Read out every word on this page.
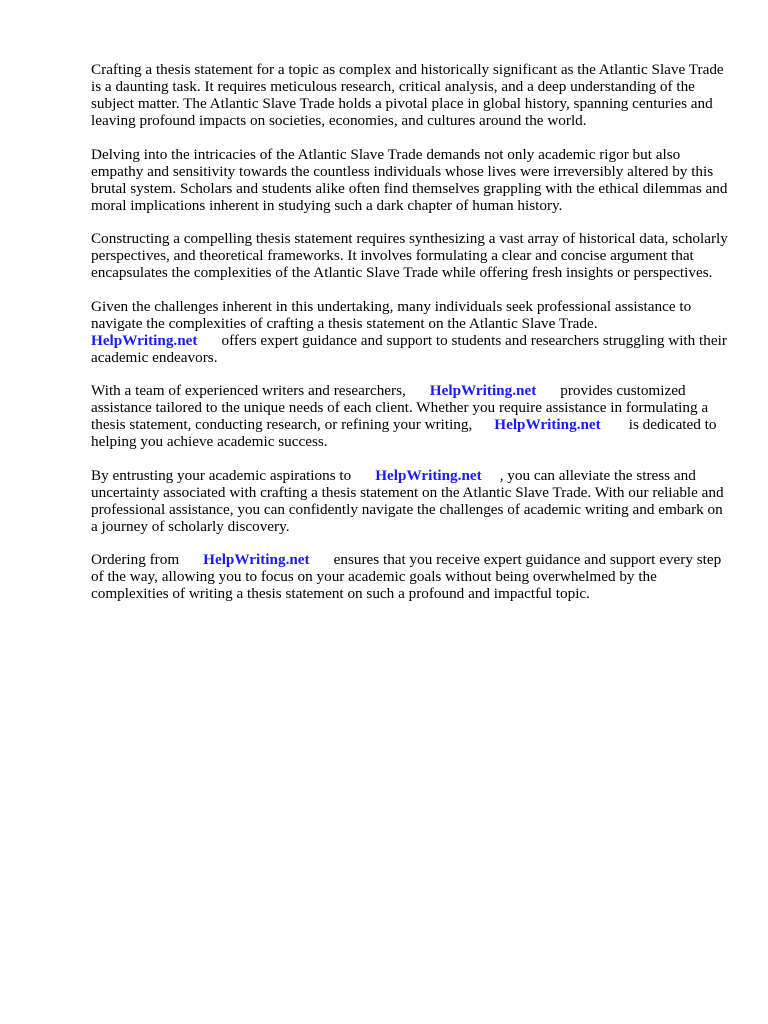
Crafting a thesis statement for a topic as complex and historically significant as the Atlantic Slave Trade is a daunting task. It requires meticulous research, critical analysis, and a deep understanding of the subject matter. The Atlantic Slave Trade holds a pivotal place in global history, spanning centuries and leaving profound impacts on societies, economies, and cultures around the world.

Delving into the intricacies of the Atlantic Slave Trade demands not only academic rigor but also empathy and sensitivity towards the countless individuals whose lives were irreversibly altered by this brutal system. Scholars and students alike often find themselves grappling with the ethical dilemmas and moral implications inherent in studying such a dark chapter of human history.

Constructing a compelling thesis statement requires synthesizing a vast array of historical data, scholarly perspectives, and theoretical frameworks. It involves formulating a clear and concise argument that encapsulates the complexities of the Atlantic Slave Trade while offering fresh insights or perspectives.

Given the challenges inherent in this undertaking, many individuals seek professional assistance to navigate the complexities of crafting a thesis statement on the Atlantic Slave Trade.
HelpWriting.net offers expert guidance and support to students and researchers struggling with their academic endeavors.

With a team of experienced writers and researchers, HelpWriting.net provides customized assistance tailored to the unique needs of each client. Whether you require assistance in formulating a thesis statement, conducting research, or refining your writing, HelpWriting.net is dedicated to helping you achieve academic success.

By entrusting your academic aspirations to HelpWriting.net , you can alleviate the stress and uncertainty associated with crafting a thesis statement on the Atlantic Slave Trade. With our reliable and professional assistance, you can confidently navigate the challenges of academic writing and embark on a journey of scholarly discovery.

Ordering from HelpWriting.net ensures that you receive expert guidance and support every step of the way, allowing you to focus on your academic goals without being overwhelmed by the complexities of writing a thesis statement on such a profound and impactful topic.
